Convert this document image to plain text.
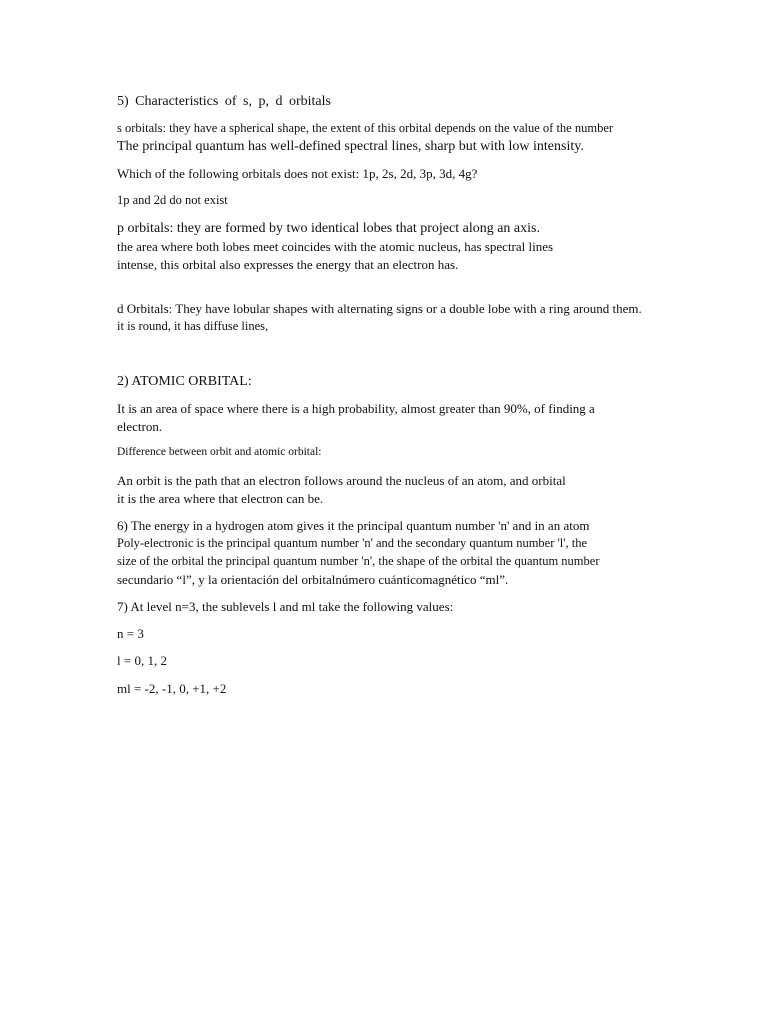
5) Characteristics of s, p, d orbitals
s orbitals: they have a spherical shape, the extent of this orbital depends on the value of the number
The principal quantum has well-defined spectral lines, sharp but with low intensity.
Which of the following orbitals does not exist: 1p, 2s, 2d, 3p, 3d, 4g?
1p and 2d do not exist
p orbitals: they are formed by two identical lobes that project along an axis.
the area where both lobes meet coincides with the atomic nucleus, has spectral lines
intense, this orbital also expresses the energy that an electron has.
d Orbitals: They have lobular shapes with alternating signs or a double lobe with a ring around them.
it is round, it has diffuse lines,
2) ATOMIC ORBITAL:
It is an area of space where there is a high probability, almost greater than 90%, of finding a
electron.
Difference between orbit and atomic orbital:
An orbit is the path that an electron follows around the nucleus of an atom, and orbital
it is the area where that electron can be.
6) The energy in a hydrogen atom gives it the principal quantum number 'n' and in an atom
Poly-electronic is the principal quantum number 'n' and the secondary quantum number 'l', the
size of the orbital the principal quantum number 'n', the shape of the orbital the quantum number
secundario “l”, y la orientación del orbitalnúmero cuánticomagnético “ml”.
7) At level n=3, the sublevels l and ml take the following values:
n = 3
l = 0, 1, 2
ml = -2, -1, 0, +1, +2
